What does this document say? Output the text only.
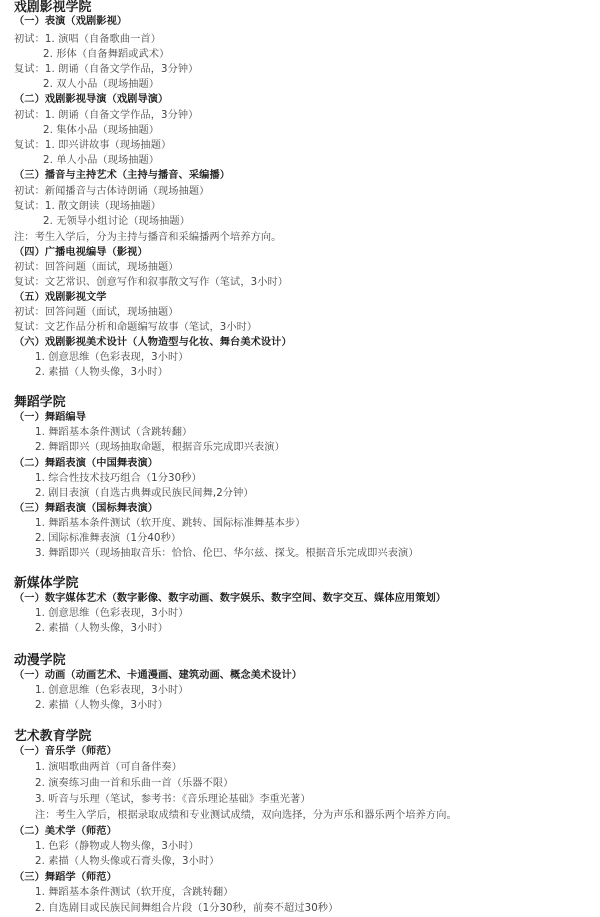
戏剧影视学院
（一）表演（戏剧影视）
初试：1. 演唱（自备歌曲一首）
2. 形体（自备舞蹈或武术）
复试：1. 朗诵（自备文学作品，3分钟）
2. 双人小品（现场抽题）
（二）戏剧影视导演（戏剧导演）
初试：1. 朗诵（自备文学作品，3分钟）
2. 集体小品（现场抽题）
复试：1. 即兴讲故事（现场抽题）
2. 单人小品（现场抽题）
（三）播音与主持艺术（主持与播音、采编播）
初试：新闻播音与古体诗朗诵（现场抽题）
复试：1. 散文朗读（现场抽题）
2. 无领导小组讨论（现场抽题）
注：考生入学后，分为主持与播音和采编播两个培养方向。
（四）广播电视编导（影视）
初试：回答问题（面试，现场抽题）
复试：文艺常识、创意写作和叙事散文写作（笔试，3小时）
（五）戏剧影视文学
初试：回答问题（面试，现场抽题）
复试：文艺作品分析和命题编写故事（笔试，3小时）
（六）戏剧影视美术设计（人物造型与化妆、舞台美术设计）
1. 创意思维（色彩表现，3小时）
2. 素描（人物头像，3小时）
舞蹈学院
（一）舞蹈编导
1. 舞蹈基本条件测试（含跳转翻）
2. 舞蹈即兴（现场抽取命题，根据音乐完成即兴表演）
（二）舞蹈表演（中国舞表演）
1. 综合性技术技巧组合（1分30秒）
2. 剧目表演（自选古典舞或民族民间舞,2分钟）
（三）舞蹈表演（国标舞表演）
1. 舞蹈基本条件测试（软开度、跳转、国际标准舞基本步）
2. 国际标准舞表演（1分40秒）
3. 舞蹈即兴（现场抽取音乐：恰恰、伦巴、华尔兹、探戈。根据音乐完成即兴表演）
新媒体学院
（一）数字媒体艺术（数字影像、数字动画、数字娱乐、数字空间、数字交互、媒体应用策划）
1. 创意思维（色彩表现，3小时）
2. 素描（人物头像，3小时）
动漫学院
（一）动画（动画艺术、卡通漫画、建筑动画、概念美术设计）
1. 创意思维（色彩表现，3小时）
2. 素描（人物头像，3小时）
艺术教育学院
（一）音乐学（师范）
1. 演唱歌曲两首（可自备伴奏）
2. 演奏练习曲一首和乐曲一首（乐器不限）
3. 听音与乐理（笔试，参考书：《音乐理论基础》李重光著）
注：考生入学后，根据录取成绩和专业测试成绩，双向选择，分为声乐和器乐两个培养方向。
（二）美术学（师范）
1. 色彩（静物或人物头像，3小时）
2. 素描（人物头像或石膏头像，3小时）
（三）舞蹈学（师范）
1. 舞蹈基本条件测试（软开度，含跳转翻）
2. 自选剧目或民族民间舞组合片段（1分30秒，前奏不超过30秒）
